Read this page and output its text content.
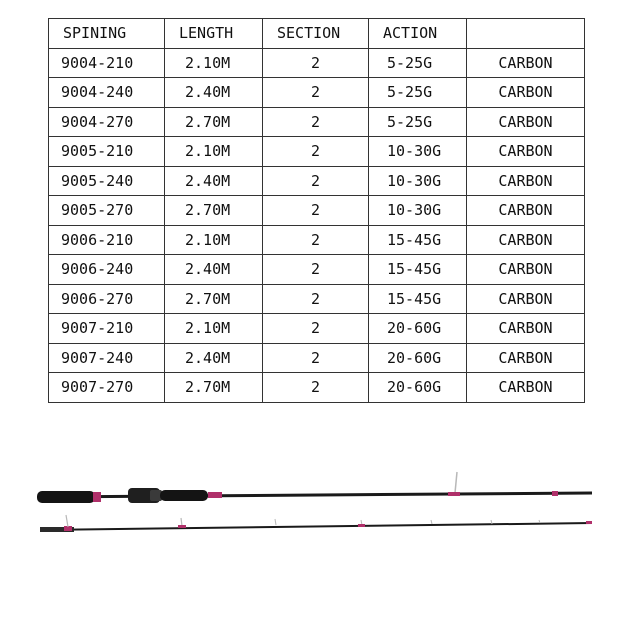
SPINING	LENGTH	SECTION	ACTION	
9004-210	2.10M	2	5-25G	CARBON
9004-240	2.40M	2	5-25G	CARBON
9004-270	2.70M	2	5-25G	CARBON
9005-210	2.10M	2	10-30G	CARBON
9005-240	2.40M	2	10-30G	CARBON
9005-270	2.70M	2	10-30G	CARBON
9006-210	2.10M	2	15-45G	CARBON
9006-240	2.40M	2	15-45G	CARBON
9006-270	2.70M	2	15-45G	CARBON
9007-210	2.10M	2	20-60G	CARBON
9007-240	2.40M	2	20-60G	CARBON
9007-270	2.70M	2	20-60G	CARBON
